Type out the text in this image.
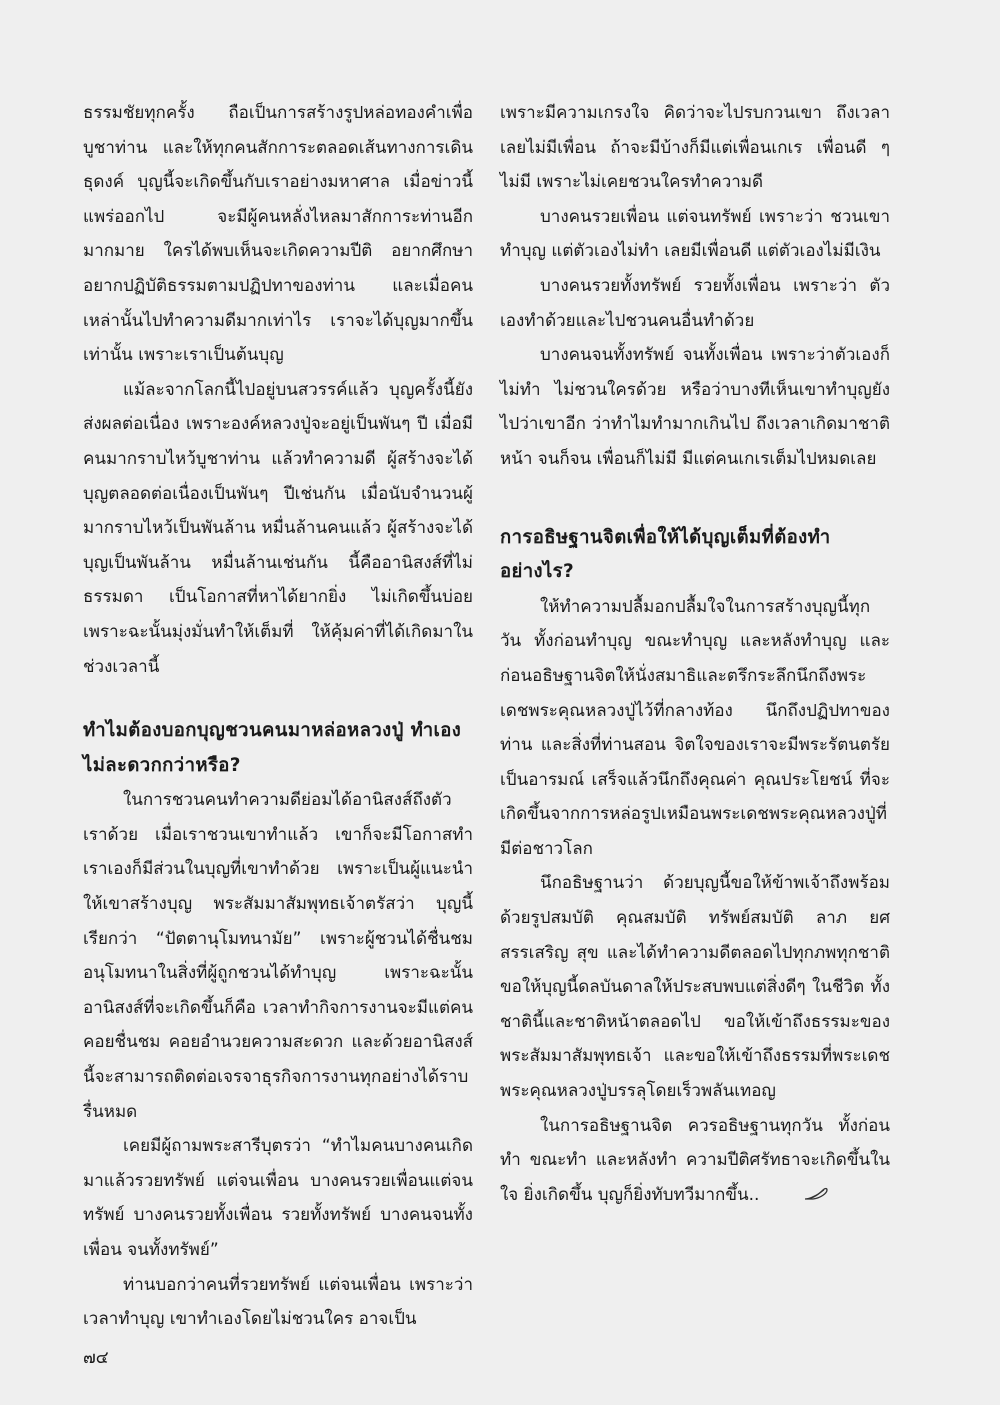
ธรรมชัยทุกครั้ง ถือเป็นการสร้างรูปหล่อทองคำเพื่อบูชาท่าน และให้ทุกคนสักการะตลอดเส้นทางการเดินธุดงค์ บุญนี้จะเกิดขึ้นกับเราอย่างมหาศาล เมื่อข่าวนี้แพร่ออกไป จะมีผู้คนหลั่งไหลมาสักการะท่านอีกมากมาย ใครได้พบเห็นจะเกิดความปีติ อยากศึกษา อยากปฏิบัติธรรมตามปฏิปทาของท่าน และเมื่อคนเหล่านั้นไปทำความดีมากเท่าไร เราจะได้บุญมากขึ้นเท่านั้น เพราะเราเป็นต้นบุญ

แม้ละจากโลกนี้ไปอยู่บนสวรรค์แล้ว บุญครั้งนี้ยังส่งผลต่อเนื่อง เพราะองค์หลวงปู่จะอยู่เป็นพันๆ ปี เมื่อมีคนมากราบไหว้บูชาท่าน แล้วทำความดี ผู้สร้างจะได้บุญตลอดต่อเนื่องเป็นพันๆ ปีเช่นกัน เมื่อนับจำนวนผู้มากราบไหว้เป็นพันล้าน หมื่นล้านคนแล้ว ผู้สร้างจะได้บุญเป็นพันล้าน หมื่นล้านเช่นกัน นี้คืออานิสงส์ที่ไม่ธรรมดา เป็นโอกาสที่หาได้ยากยิ่ง ไม่เกิดขึ้นบ่อย เพราะฉะนั้นมุ่งมั่นทำให้เต็มที่ ให้คุ้มค่าที่ได้เกิดมาในช่วงเวลานี้

ทำไมต้องบอกบุญชวนคนมาหล่อหลวงปู่ ทำเองไม่ละดวกกว่าหรือ?

ในการชวนคนทำความดีย่อมได้อานิสงส์ถึงตัวเราด้วย เมื่อเราชวนเขาทำแล้ว เขาก็จะมีโอกาสทำ เราเองก็มีส่วนในบุญที่เขาทำด้วย เพราะเป็นผู้แนะนำให้เขาสร้างบุญ พระสัมมาสัมพุทธเจ้าตรัสว่า บุญนี้เรียกว่า “ปัตตานุโมทนามัย” เพราะผู้ชวนได้ชื่นชมอนุโมทนาในสิ่งที่ผู้ถูกชวนได้ทำบุญ เพราะฉะนั้นอานิสงส์ที่จะเกิดขึ้นก็คือ เวลาทำกิจการงานจะมีแต่คนคอยชื่นชม คอยอำนวยความสะดวก และด้วยอานิสงส์นี้จะสามารถติดต่อเจรจาธุรกิจการงานทุกอย่างได้ราบรื่นหมด

เคยมีผู้ถามพระสารีบุตรว่า “ทำไมคนบางคนเกิดมาแล้วรวยทรัพย์ แต่จนเพื่อน บางคนรวยเพื่อนแต่จนทรัพย์ บางคนรวยทั้งเพื่อน รวยทั้งทรัพย์ บางคนจนทั้งเพื่อน จนทั้งทรัพย์”

ท่านบอกว่าคนที่รวยทรัพย์ แต่จนเพื่อน เพราะว่า เวลาทำบุญ เขาทำเองโดยไม่ชวนใคร อาจเป็น

เพราะมีความเกรงใจ คิดว่าจะไปรบกวนเขา ถึงเวลาเลยไม่มีเพื่อน ถ้าจะมีบ้างก็มีแต่เพื่อนเกเร เพื่อนดี ๆ ไม่มี เพราะไม่เคยชวนใครทำความดี

บางคนรวยเพื่อน แต่จนทรัพย์ เพราะว่า ชวนเขาทำบุญ แต่ตัวเองไม่ทำ เลยมีเพื่อนดี แต่ตัวเองไม่มีเงิน

บางคนรวยทั้งทรัพย์ รวยทั้งเพื่อน เพราะว่า ตัวเองทำด้วยและไปชวนคนอื่นทำด้วย

บางคนจนทั้งทรัพย์ จนทั้งเพื่อน เพราะว่าตัวเองก็ไม่ทำ ไม่ชวนใครด้วย หรือว่าบางทีเห็นเขาทำบุญยังไปว่าเขาอีก ว่าทำไมทำมากเกินไป ถึงเวลาเกิดมาชาติหน้า จนก็จน เพื่อนก็ไม่มี มีแต่คนเกเรเต็มไปหมดเลย

การอธิษฐานจิตเพื่อให้ได้บุญเต็มที่ต้องทำอย่างไร?

ให้ทำความปลื้มอกปลื้มใจในการสร้างบุญนี้ทุกวัน ทั้งก่อนทำบุญ ขณะทำบุญ และหลังทำบุญ และก่อนอธิษฐานจิตให้นั่งสมาธิและตรึกระลึกนึกถึงพระเดชพระคุณหลวงปู่ไว้ที่กลางท้อง นึกถึงปฏิปทาของท่าน และสิ่งที่ท่านสอน จิตใจของเราจะมีพระรัตนตรัยเป็นอารมณ์ เสร็จแล้วนึกถึงคุณค่า คุณประโยชน์ ที่จะเกิดขึ้นจากการหล่อรูปเหมือนพระเดชพระคุณหลวงปู่ที่มีต่อชาวโลก

นึกอธิษฐานว่า ด้วยบุญนี้ขอให้ข้าพเจ้าถึงพร้อมด้วยรูปสมบัติ คุณสมบัติ ทรัพย์สมบัติ ลาภ ยศ สรรเสริญ สุข และได้ทำความดีตลอดไปทุกภพทุกชาติ ขอให้บุญนี้ดลบันดาลให้ประสบพบแต่สิ่งดีๆ ในชีวิต ทั้งชาตินี้และชาติหน้าตลอดไป ขอให้เข้าถึงธรรมะของพระสัมมาสัมพุทธเจ้า และขอให้เข้าถึงธรรมที่พระเดชพระคุณหลวงปู่บรรลุโดยเร็วพลันเทอญ

ในการอธิษฐานจิต ควรอธิษฐานทุกวัน ทั้งก่อนทำ ขณะทำ และหลังทำ ความปีติศรัทธาจะเกิดขึ้นในใจ ยิ่งเกิดขึ้น บุญก็ยิ่งทับทวีมากขึ้น..

๗๔
